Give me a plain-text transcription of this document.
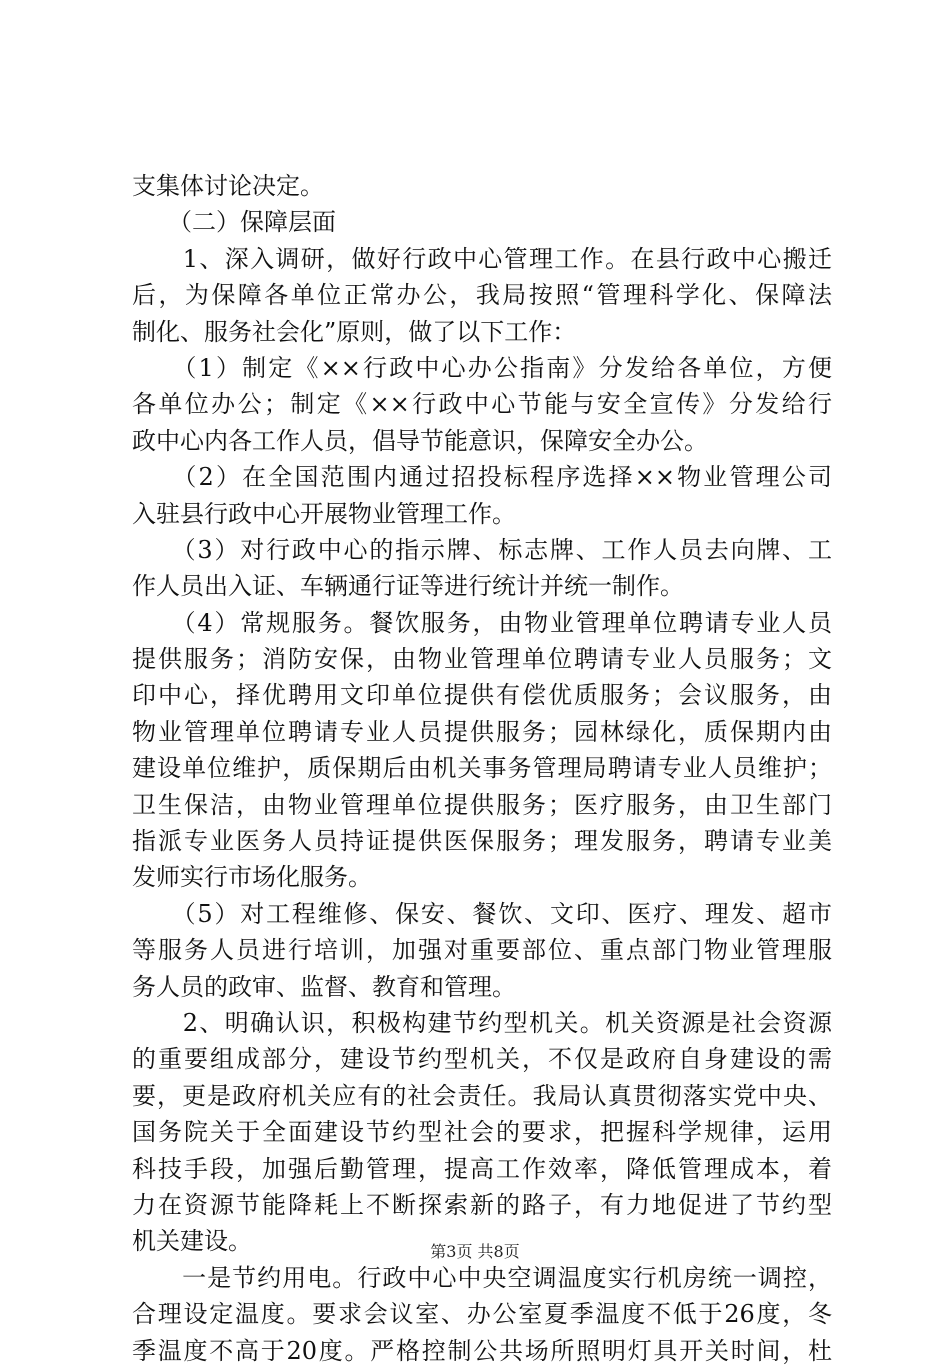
支集体讨论决定。
　　（二）保障层面
　　1、深入调研，做好行政中心管理工作。在县行政中心搬迁
后，为保障各单位正常办公，我局按照“管理科学化、保障法
制化、服务社会化”原则，做了以下工作：
　　（1）制定《××行政中心办公指南》分发给各单位，方便
各单位办公；制定《××行政中心节能与安全宣传》分发给行
政中心内各工作人员，倡导节能意识，保障安全办公。
　　（2）在全国范围内通过招投标程序选择××物业管理公司
入驻县行政中心开展物业管理工作。
　　（3）对行政中心的指示牌、标志牌、工作人员去向牌、工
作人员出入证、车辆通行证等进行统计并统一制作。
　　（4）常规服务。餐饮服务，由物业管理单位聘请专业人员
提供服务；消防安保，由物业管理单位聘请专业人员服务；文
印中心，择优聘用文印单位提供有偿优质服务；会议服务，由
物业管理单位聘请专业人员提供服务；园林绿化，质保期内由
建设单位维护，质保期后由机关事务管理局聘请专业人员维护；
卫生保洁，由物业管理单位提供服务；医疗服务，由卫生部门
指派专业医务人员持证提供医保服务；理发服务，聘请专业美
发师实行市场化服务。
　　（5）对工程维修、保安、餐饮、文印、医疗、理发、超市
等服务人员进行培训，加强对重要部位、重点部门物业管理服
务人员的政审、监督、教育和管理。
　　2、明确认识，积极构建节约型机关。机关资源是社会资源
的重要组成部分，建设节约型机关，不仅是政府自身建设的需
要，更是政府机关应有的社会责任。我局认真贯彻落实党中央、
国务院关于全面建设节约型社会的要求，把握科学规律，运用
科技手段，加强后勤管理，提高工作效率，降低管理成本，着
力在资源节能降耗上不断探索新的路子，有力地促进了节约型
机关建设。
　　一是节约用电。行政中心中央空调温度实行机房统一调控，
合理设定温度。要求会议室、办公室夏季温度不低于26度，冬
季温度不高于20度。严格控制公共场所照明灯具开关时间，杜
第3页 共8页
